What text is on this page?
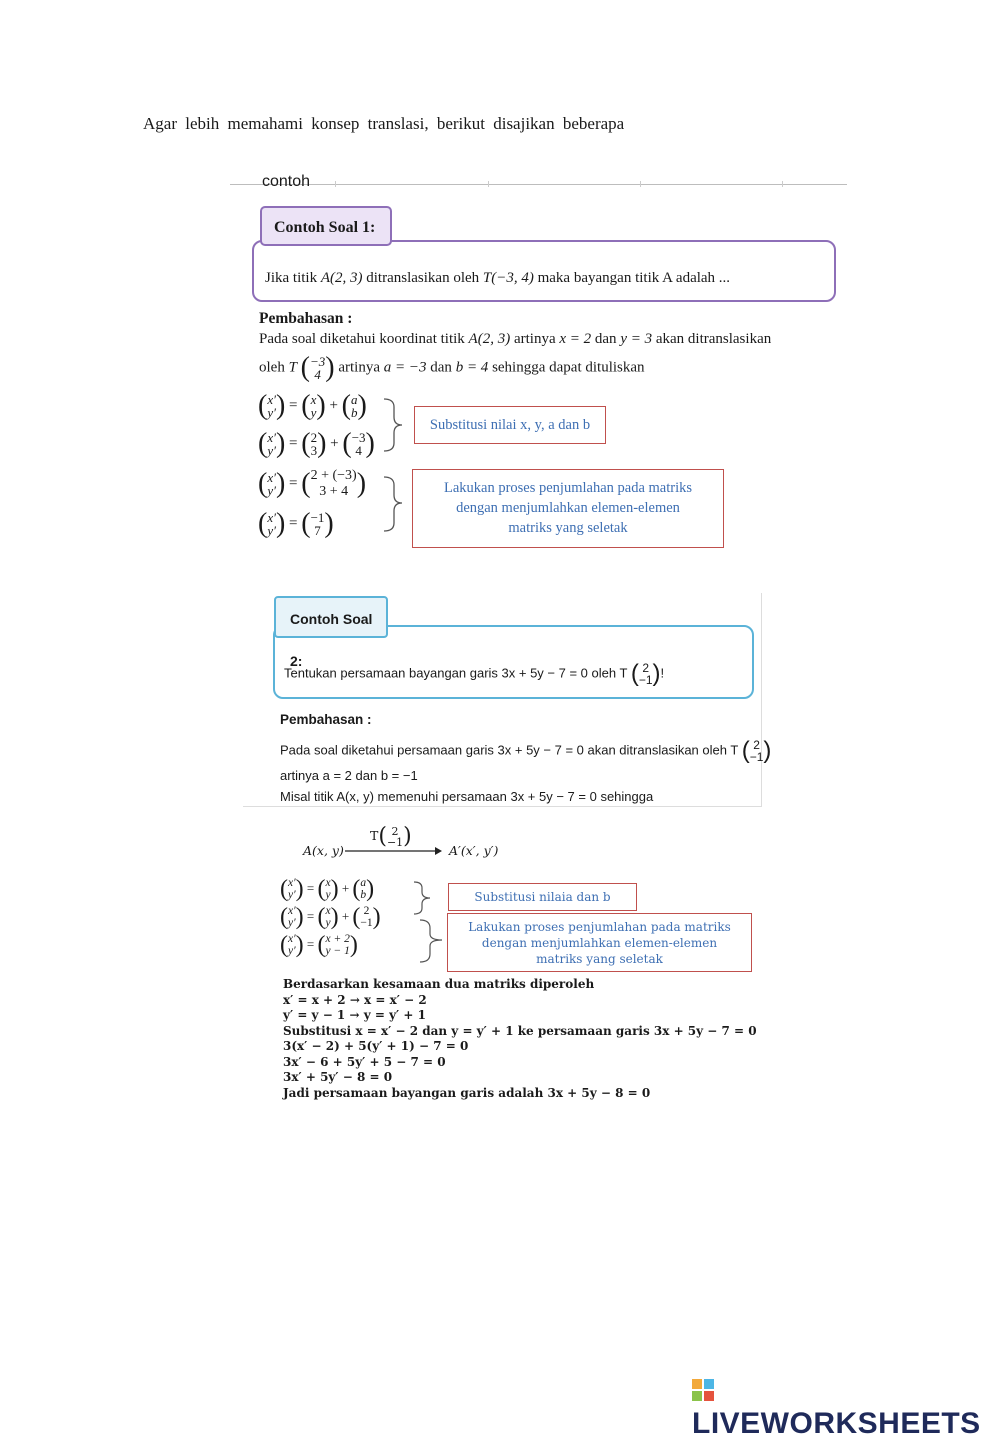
Agar lebih memahami konsep translasi, berikut disajikan beberapa
contoh
Contoh Soal 1:
Jika titik A(2, 3) ditranslasikan oleh T(−3, 4) maka bayangan titik A adalah ...
Pembahasan :
Pada soal diketahui koordinat titik A(2, 3) artinya x = 2 dan y = 3 akan ditranslasikan
oleh T (−3
4 ) artinya a = −3 dan b = 4 sehingga dapat dituliskan
(x′
y′) = (x
y) + (a
b)
(x′
y′) = (2
3) + (−3
4 )
(x′
y′) = (2 + (−3)
3 + 4 )
(x′
y′) = (−1
7 )
Substitusi nilai x, y, a dan b
Lakukan proses penjumlahan pada matriks
dengan menjumlahkan elemen-elemen
matriks yang seletak
Contoh Soal 2:
Tentukan persamaan bayangan garis 3x + 5y − 7 = 0 oleh T ( 2
−1)!
Pembahasan :
Pada soal diketahui persamaan garis 3x + 5y − 7 = 0 akan ditranslasikan oleh T ( 2
−1)
artinya a = 2 dan b = −1
Misal titik A(x, y) memenuhi persamaan 3x + 5y − 7 = 0 sehingga
T( 2
−1)
A(x, y)	A′(x′, y′)
(x′
y′) = (x
y) + (a
b)
(x′
y′) = (x
y) + ( 2
−1)
(x′
y′) = (x + 2
y − 1)
Substitusi nilaia dan b
Lakukan proses penjumlahan pada matriks
dengan menjumlahkan elemen-elemen
matriks yang seletak
Berdasarkan kesamaan dua matriks diperoleh
x′ = x + 2 → x = x′ − 2
y′ = y − 1 → y = y′ + 1
Substitusi x = x′ − 2 dan y = y′ + 1 ke persamaan garis 3x + 5y − 7 = 0
3(x′ − 2) + 5(y′ + 1) − 7 = 0
3x′ − 6 + 5y′ + 5 − 7 = 0
3x′ + 5y′ − 8 = 0
Jadi persamaan bayangan garis adalah 3x + 5y − 8 = 0
LIVEWORKSHEETS
